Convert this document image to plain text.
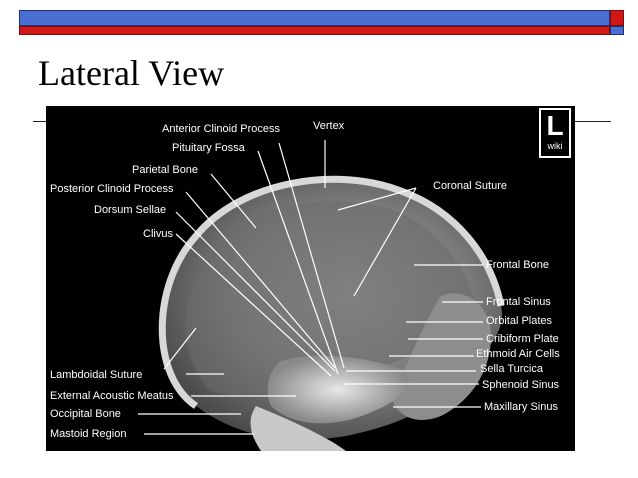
Lateral View
L
wiki
Anterior Clinoid Process	Vertex
Pituitary Fossa
Parietal Bone
Posterior Clinoid Process	Coronal Suture
Dorsum Sellae
Clivus
Frontal Bone
Frontal Sinus
Orbital Plates
Cribiform Plate
Ethmoid Air Cells
Sella Turcica
Sphenoid Sinus
Maxillary Sinus
Lambdoidal Suture
External Acoustic Meatus
Occipital Bone
Mastoid Region
